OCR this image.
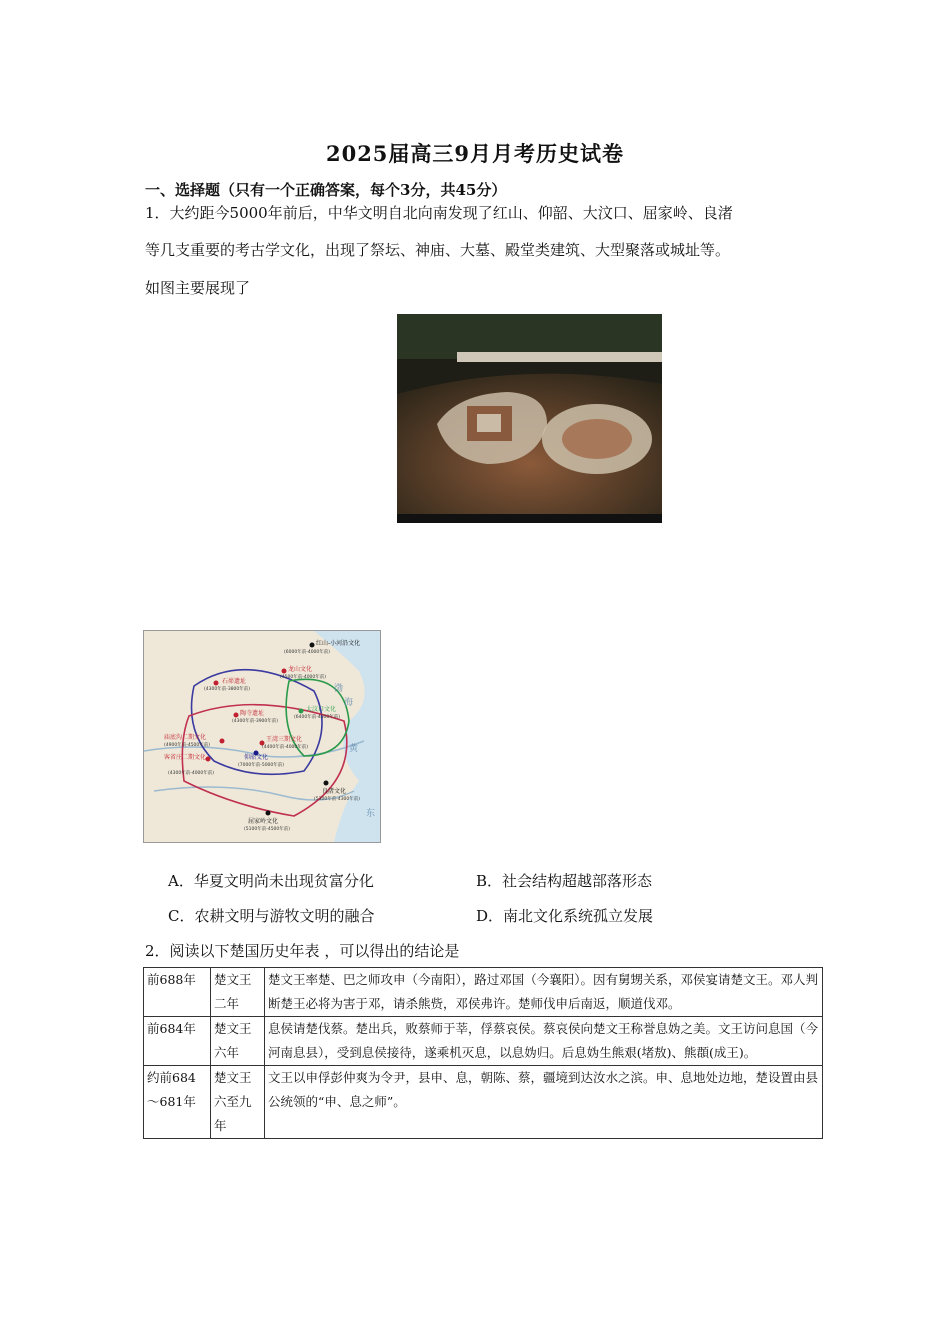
2025届高三9月月考历史试卷
一、选择题（只有一个正确答案，每个3分，共45分）
1．大约距今5000年前后，中华文明自北向南发现了红山、仰韶、大汶口、屈家岭、良渚
等几支重要的考古学文化，出现了祭坛、神庙、大墓、殿堂类建筑、大型聚落或城址等。
如图主要展现了
红山-小河沿文化
(6000年前-4000年前)
石峁遗址
(4300年前-3800年前)
陶寺遗址
(4300年前-3900年前)
龙山文化
(4500年前-4000年前)
大汶口文化
(6400年前-4500年前)
庙底沟二期文化
(4900年前-4500年前)
王湾三期文化
(4400年前-4000年前)
仰韶文化
(7000年前-5000年前)
客省庄二期文化
(4300年前-4000年前)
良渚文化
(5300年前-4300年前)
屈家岭文化
(5100年前-4500年前)
渤
海
黄
东
A．华夏文明尚未出现贫富分化	B．社会结构超越部落形态
C．农耕文明与游牧文明的融合	D．南北文化系统孤立发展
2．阅读以下楚国历史年表 ，可以得出的结论是
前688年	楚文王二年	楚文王率楚、巴之师攻申（今南阳），路过邓国（今襄阳）。因有舅甥关系，邓侯宴请楚文王。邓人判断楚王必将为害于邓，请杀熊赀，邓侯弗许。楚师伐申后南返，顺道伐邓。
前684年	楚文王六年	息侯请楚伐蔡。楚出兵，败蔡师于莘，俘蔡哀侯。蔡哀侯向楚文王称誉息妫之美。文王访问息国（今河南息县），受到息侯接待，遂乘机灭息，以息妫归。后息妫生熊艰(堵敖)、熊頵(成王)。
约前684～681年	楚文王六至九年	文王以申俘彭仲爽为令尹，县申、息，朝陈、蔡，疆境到达汝水之滨。申、息地处边地，楚设置由县公统领的“申、息之师”。
